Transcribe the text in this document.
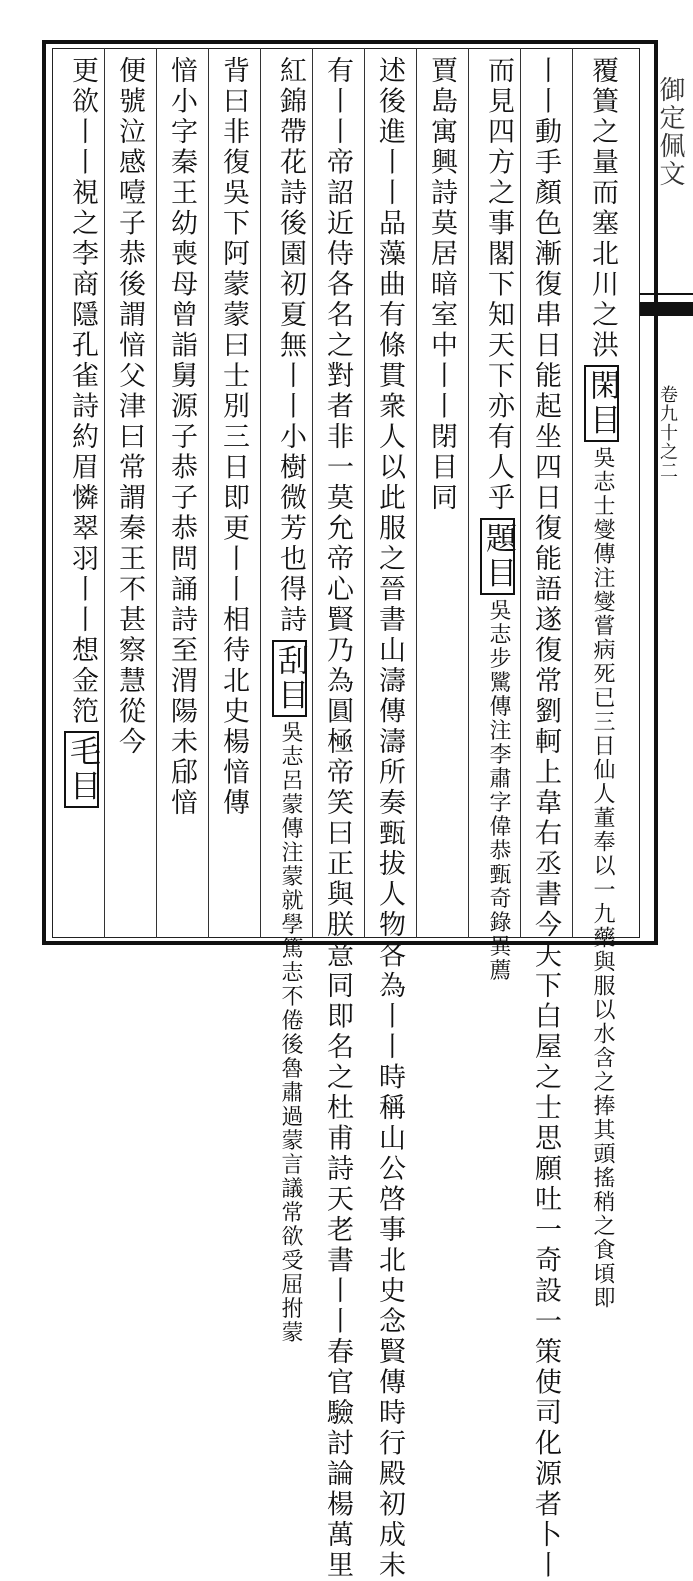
御定佩文
卷九十之二
覆簣之量而塞北川之洪閑目吳志士燮傳注燮嘗病死已三日仙人董奉以一九藥與服以水含之捧其頭搖稍之食頃即
丨丨動手顏色漸復串日能起坐四日復能語遂復常劉軻上韋右丞書今天下白屋之士思願吐一奇設一策使司化源者卜丨
而見四方之事閣下知天下亦有人乎題目吳志步騭傳注李肅字偉恭甄奇錄異薦
賈島寓興詩莫居暗室中丨丨閉目同
述後進丨丨品藻曲有條貫衆人以此服之晉書山濤傳濤所奏甄拔人物各為丨丨時稱山公啓事北史念賢傳時行殿初成未
有丨丨帝詔近侍各名之對者非一莫允帝心賢乃為圓極帝笑曰正與朕意同即名之杜甫詩天老書丨丨春官驗討論楊萬里
紅錦帶花詩後園初夏無丨丨小樹微芳也得詩刮目吳志呂蒙傳注蒙就學篤志不倦後魯肅過蒙言議常欲受屈拊蒙
背曰非復吳下阿蒙蒙曰士別三日即更丨丨相待北史楊愔傳
愔小字秦王幼喪母曾詣舅源子恭子恭問誦詩至渭陽未郈愔
便號泣感噎子恭後謂愔父津曰常謂秦王不甚察慧從今
更欲丨丨視之李商隱孔雀詩約眉憐翠羽丨丨想金笵毛目
